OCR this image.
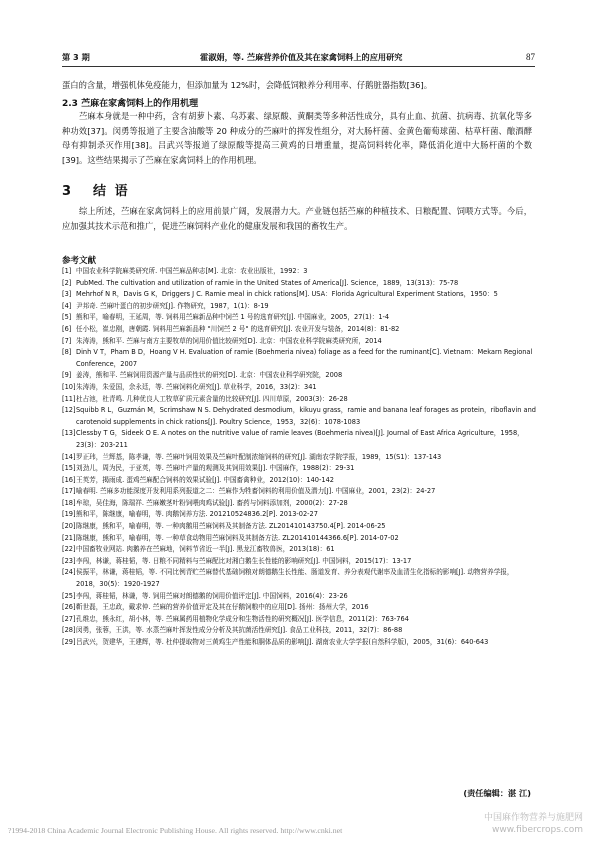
第 3 期	霍淑娟，等. 苎麻营养价值及其在家禽饲料上的应用研究	87

蛋白的含量，增强机体免疫能力，但添加量为 12%时，会降低饲粮养分利用率、仔鹅脏器指数[36]。

2.3 苎麻在家禽饲料上的作用机理

苎麻本身就是一种中药，含有胡萝卜素、乌苏素、绿原酸、黄酮类等多种活性成分，具有止血、抗菌、抗病毒、抗氧化等多种功效[37]。闵勇等报道了主要含油酸等 20 种成分的苎麻叶的挥发性组分，对大肠杆菌、金黄色葡萄球菌、枯草杆菌、酿酒酵母有抑制杀灭作用[38]。吕武兴等报道了绿原酸等提高三黄鸡的日增重量，提高饲料转化率，降低消化道中大肠杆菌的个数[39]。这些结果揭示了苎麻在家禽饲料上的作用机理。

3 结 语

综上所述，苎麻在家禽饲料上的应用前景广阔，发展潜力大。产业链包括苎麻的种植技术、日粮配置、饲喂方式等。今后，应加强其技术示范和推广，促进苎麻饲料产业化的健康发展和我国的畜牧生产。

参考文献
[1] 中国农业科学院麻类研究所. 中国苎麻品种志[M]. 北京：农业出版社，1992：3
[2] PubMed. The cultivation and utilization of ramie in the United States of America[J]. Science，1889，13(313)：75-78
[3] Mehrhof N R，Davis G K，Driggers J C. Ramie meal in chick rations[M]. USA：Florida Agricultural Experiment Stations，1950：5
[4] 尹邦奇. 苎麻叶蛋白的初步研究[J]. 作物研究，1987，1(1)：8-19
[5] 熊和平，喻春明，王延周，等. 饲料用苎麻新品种中饲苎 1 号的选育研究[J]. 中国麻业，2005，27(1)：1-4
[6] 任小松，崔忠刚，唐朝霞. 饲料用苎麻新品种 "川饲苎 2 号" 的选育研究[J]. 农业开发与装备，2014(8)：81-82
[7] 朱涛涛，熊和平. 苎麻与南方主要牧草的饲用价值比较研究[D]. 北京：中国农业科学院麻类研究所，2014
[8] Dinh V T，Pham B D，Hoang V H. Evaluation of ramie (Boehmeria nivea) foliage as a feed for the ruminant[C]. Vietnam：Mekarn Regional Conference，2007
[9] 姜涛，熊和平. 苎麻饲用资源产量与品质性状的研究[D]. 北京：中国农业科学研究院，2008
[10] 朱涛涛，朱爱国，余永廷，等. 苎麻饲料化研究[J]. 草业科学，2016，33(2)：341
[11] 杜占池，杜青鸣. 几种优良人工牧草矿质元素含量的比较研究[J]. 四川草原，2003(3)：26-28
[12] Squibb R L，Guzmán M，Scrimshaw N S. Dehydrated desmodium，kikuyu grass，ramie and banana leaf forages as protein，riboflavin and carotenoid supplements in chick rations[J]. Poultry Science，1953，32(6)：1078-1083
[13] Clessby T G，Sideek O E. A notes on the nutritive value of ramie leaves (Boehmeria nivea)[J]. Journal of East Africa Agriculture，1958，23(3)：203-211
[14] 罗正玮，兰辉基，陈孝谦，等. 苎麻叶饲用效果及苎麻叶配制浓缩饲料的研究[J]. 湖南农学院学报，1989，15(S1)：137-143
[15] 刘劲儿，周为民，于亚英，等. 苎麻叶产量的观测及其饲用效果[J]. 中国麻作，1988(2)：29-31
[16] 王英芳，揭雨成. 蛋鸡苎麻配合饲料的效果试验[J]. 中国畜禽种业，2012(10)：140-142
[17] 喻春明. 苎麻多功能深度开发利用系列报道之二：苎麻作为牲畜饲料的利用价值及潜力[J]. 中国麻业，2001，23(2)：24-27
[18] 牟琼，吴佳海，陈瑞祥. 苎麻嫩茎叶粉饲喂肉鸡试验[J]. 畜药与饲料添加剂，2000(2)：27-28
[19] 熊和平，陈继康，喻春明，等. 肉鹅饲养方法. 201210524836.2[P]. 2013-02-27
[20] 陈继康，熊和平，喻春明，等. 一种肉鹅用苎麻饲料及其制备方法. ZL201410143750.4[P]. 2014-06-25
[21] 陈继康，熊和平，喻春明，等. 一种草食动物用苎麻饲料及其制备方法. ZL201410144366.6[P]. 2014-07-02
[22] 中国畜牧业网站. 肉鹅养在苎麻地，饲料节省近一半[J]. 黑龙江畜牧兽医，2013(18)：61
[23] 李闯，林谦，蒋桂韬，等. 日粮不同精料与苎麻配比对湘白鹅生长性能的影响研究[J]. 中国饲料，2015(17)：13-17
[24] 侯振平，林谦，蒋桂韬，等. 不同比例青贮苎麻替代基础饲粮对朗德鹅生长性能、肠道发育、养分表观代谢率及血清生化指标的影响[J]. 动物营养学报，2018，30(5)：1920-1927
[25] 李闯，蒋桂韬，林谦，等. 饲用苎麻对朗德鹅的饲用价值评定[J]. 中国饲料，2016(4)：23-26
[26] 靳世磊，王忠政，戴求仲. 苎麻的营养价值评定及其在仔鹅饲粮中的应用[D]. 扬州：扬州大学，2016
[27] 孔维忠，熊永红，胡小林，等. 苎麻属药用植物化学成分和生物活性的研究概况[J]. 医学信息，2011(2)：763-764
[28] 闵勇，张蓉，王洪，等. 水蒸苎麻叶挥发性成分分析及其抗菌活性研究[J]. 食品工业科技，2011，32(7)：86-88
[29] 吕武兴，贺建华，王建辉，等. 杜仲提取物对三黄鸡生产性能和胴体品质的影响[J]. 湖南农业大学学报(自然科学版)，2005，31(6)：640-643
(责任编辑：湛 江)
?1994-2018 China Academic Journal Electronic Publishing House. All rights reserved. http://www.cnki.net
中国麻作物营养与施肥网
www.fibercrops.com
